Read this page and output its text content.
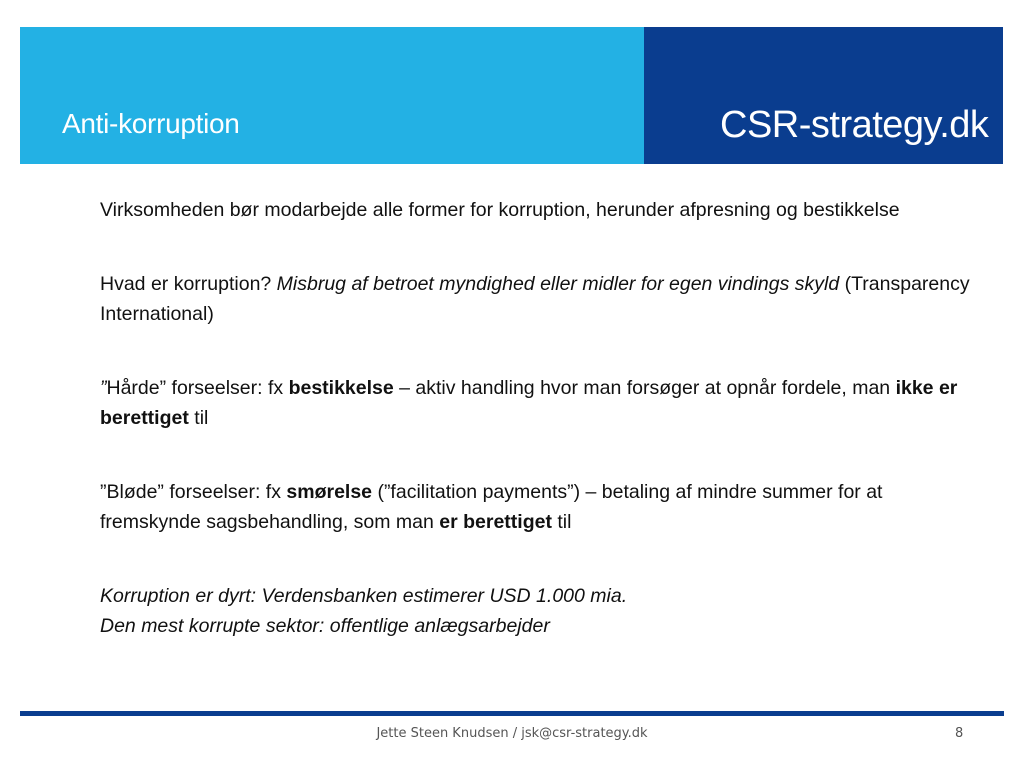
Anti-korruption	CSR-strategy.dk

Virksomheden bør modarbejde alle former for korruption, herunder afpresning og bestikkelse

Hvad er korruption? Misbrug af betroet myndighed eller midler for egen vindings skyld (Transparency International)

”Hårde” forseelser: fx bestikkelse – aktiv handling hvor man forsøger at opnår fordele, man ikke er berettiget til

”Bløde” forseelser: fx smørelse (”facilitation payments”) – betaling af mindre summer for at fremskynde sagsbehandling, som man er berettiget til

Korruption er dyrt: Verdensbanken estimerer USD 1.000 mia.

Den mest korrupte sektor: offentlige anlægsarbejder

Jette Steen Knudsen / jsk@csr-strategy.dk	8
